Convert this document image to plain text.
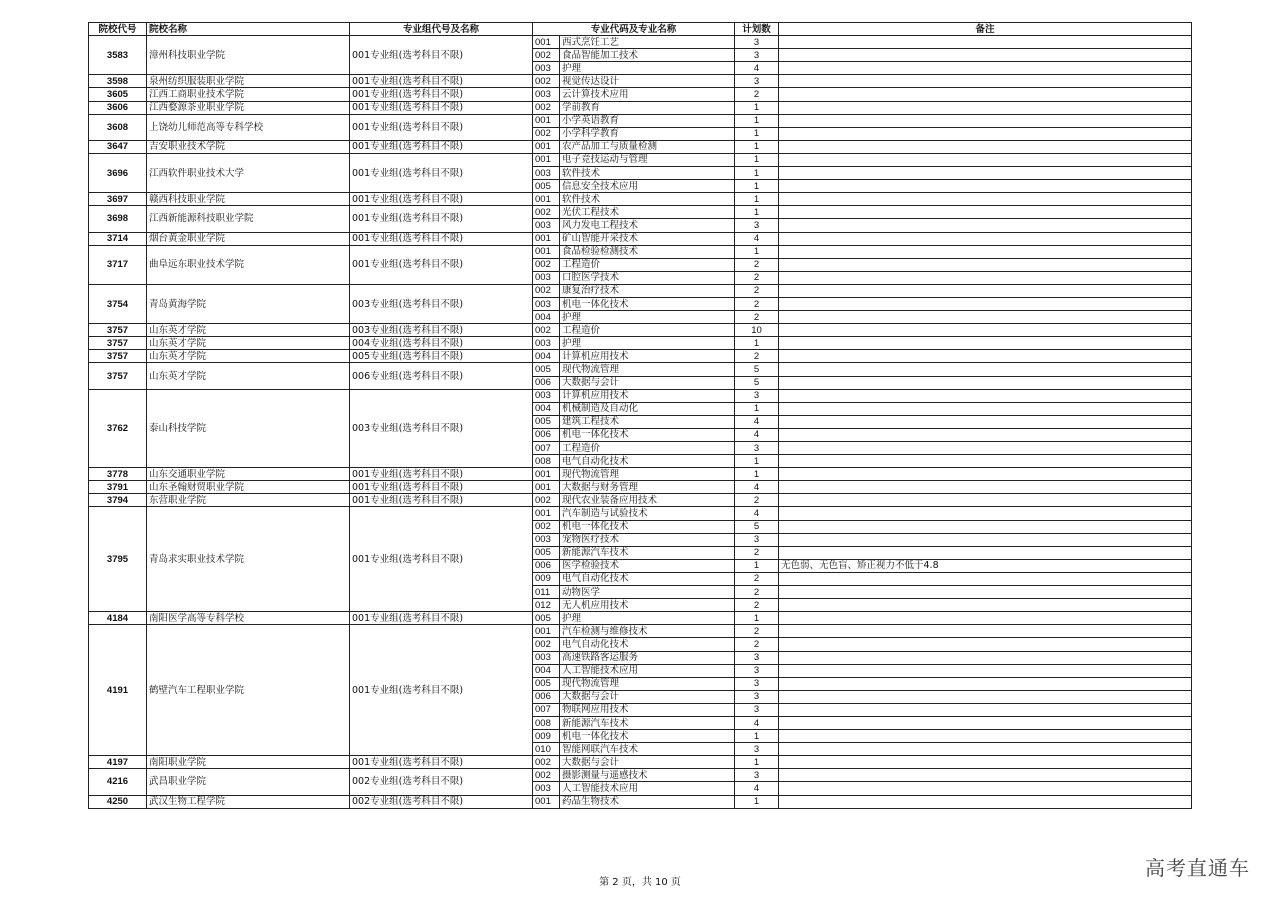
院校代号	院校名称	专业组代号及名称	专业代码及专业名称		计划数	备注
3583	漳州科技职业学院	001专业组(选考科目不限)	001	西式烹饪工艺	3	
			002	食品智能加工技术	3	
			003	护理	4	
3598	泉州纺织服装职业学院	001专业组(选考科目不限)	002	视觉传达设计	3	
3605	江西工商职业技术学院	001专业组(选考科目不限)	003	云计算技术应用	2	
3606	江西婺源茶业职业学院	001专业组(选考科目不限)	002	学前教育	1	
3608	上饶幼儿师范高等专科学校	001专业组(选考科目不限)	001	小学英语教育	1	
			002	小学科学教育	1	
3647	吉安职业技术学院	001专业组(选考科目不限)	001	农产品加工与质量检测	1	
3696	江西软件职业技术大学	001专业组(选考科目不限)	001	电子竞技运动与管理	1	
			003	软件技术	1	
			005	信息安全技术应用	1	
3697	赣西科技职业学院	001专业组(选考科目不限)	001	软件技术	1	
3698	江西新能源科技职业学院	001专业组(选考科目不限)	002	光伏工程技术	1	
			003	风力发电工程技术	3	
3714	烟台黄金职业学院	001专业组(选考科目不限)	001	矿山智能开采技术	4	
3717	曲阜远东职业技术学院	001专业组(选考科目不限)	001	食品检验检测技术	1	
			002	工程造价	2	
			003	口腔医学技术	2	
3754	青岛黄海学院	003专业组(选考科目不限)	002	康复治疗技术	2	
			003	机电一体化技术	2	
			004	护理	2	
3757	山东英才学院	003专业组(选考科目不限)	002	工程造价	10	
3757	山东英才学院	004专业组(选考科目不限)	003	护理	1	
3757	山东英才学院	005专业组(选考科目不限)	004	计算机应用技术	2	
3757	山东英才学院	006专业组(选考科目不限)	005	现代物流管理	5	
			006	大数据与会计	5	
3762	泰山科技学院	003专业组(选考科目不限)	003	计算机应用技术	3	
			004	机械制造及自动化	1	
			005	建筑工程技术	4	
			006	机电一体化技术	4	
			007	工程造价	3	
			008	电气自动化技术	1	
3778	山东交通职业学院	001专业组(选考科目不限)	001	现代物流管理	1	
3791	山东圣翰财贸职业学院	001专业组(选考科目不限)	001	大数据与财务管理	4	
3794	东营职业学院	001专业组(选考科目不限)	002	现代农业装备应用技术	2	
3795	青岛求实职业技术学院	001专业组(选考科目不限)	001	汽车制造与试验技术	4	
			002	机电一体化技术	5	
			003	宠物医疗技术	3	
			005	新能源汽车技术	2	
			006	医学检验技术	1	无色弱、无色盲、矫正视力不低于4.8
			009	电气自动化技术	2	
			011	动物医学	2	
			012	无人机应用技术	2	
4184	南阳医学高等专科学校	001专业组(选考科目不限)	005	护理	1	
4191	鹤壁汽车工程职业学院	001专业组(选考科目不限)	001	汽车检测与维修技术	2	
			002	电气自动化技术	2	
			003	高速铁路客运服务	3	
			004	人工智能技术应用	3	
			005	现代物流管理	3	
			006	大数据与会计	3	
			007	物联网应用技术	3	
			008	新能源汽车技术	4	
			009	机电一体化技术	1	
			010	智能网联汽车技术	3	
4197	南阳职业学院	001专业组(选考科目不限)	002	大数据与会计	1	
4216	武昌职业学院	002专业组(选考科目不限)	002	摄影测量与遥感技术	3	
			003	人工智能技术应用	4	
4250	武汉生物工程学院	002专业组(选考科目不限)	001	药品生物技术	1	
第 2 页，共 10 页
高考直通车
